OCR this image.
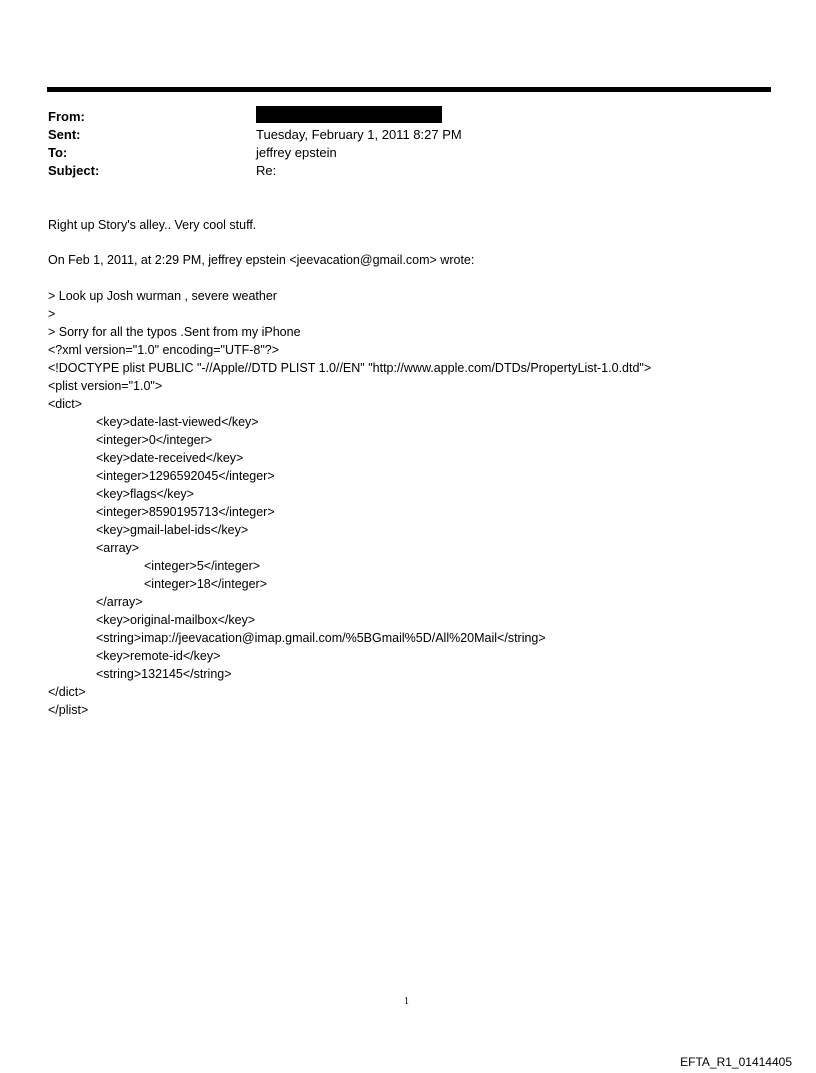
From:
Sent:	Tuesday, February 1, 2011 8:27 PM
To:	jeffrey epstein
Subject:	Re:

Right up Story's alley.. Very cool stuff.

On Feb 1, 2011, at 2:29 PM, jeffrey epstein <jeevacation@gmail.com> wrote:

> Look up Josh wurman , severe weather

>

> Sorry for all the typos .Sent from my iPhone

<?xml version="1.0" encoding="UTF-8"?>

<!DOCTYPE plist PUBLIC "-//Apple//DTD PLIST 1.0//EN" "http://www.apple.com/DTDs/PropertyList-1.0.dtd">

<plist version="1.0">

<dict>

<key>date-last-viewed</key>

<integer>0</integer>

<key>date-received</key>

<integer>1296592045</integer>

<key>flags</key>

<integer>8590195713</integer>

<key>gmail-label-ids</key>

<array>

<integer>5</integer>

<integer>18</integer>

</array>

<key>original-mailbox</key>

<string>imap://jeevacation@imap.gmail.com/%5BGmail%5D/All%20Mail</string>

<key>remote-id</key>

<string>132145</string>

</dict>

</plist>

1
EFTA_R1_01414405
